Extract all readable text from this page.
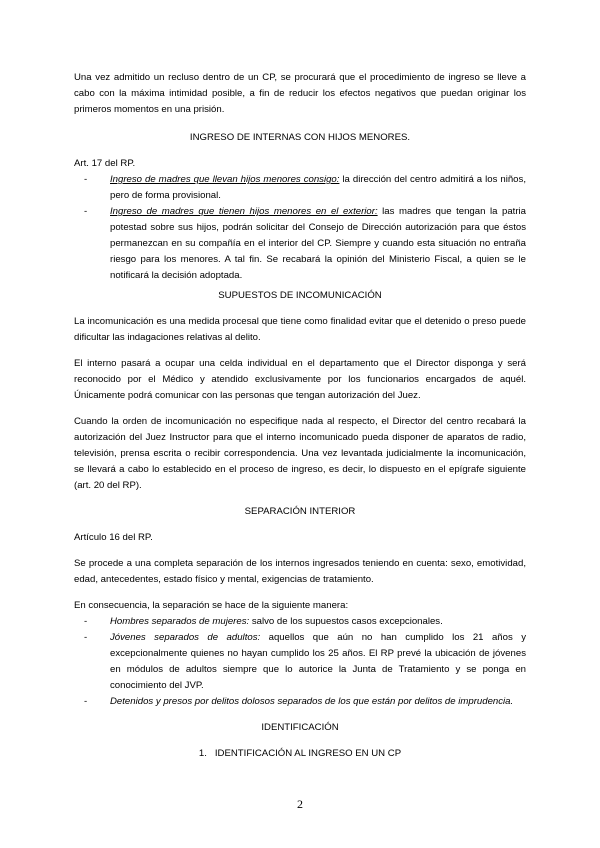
Una vez admitido un recluso dentro de un CP, se procurará que el procedimiento de ingreso se lleve a cabo con la máxima intimidad posible, a fin de reducir los efectos negativos que puedan originar los primeros momentos en una prisión.

INGRESO DE INTERNAS CON HIJOS MENORES.

Art. 17 del RP.

- Ingreso de madres que llevan hijos menores consigo: la dirección del centro admitirá a los niños, pero de forma provisional.
- Ingreso de madres que tienen hijos menores en el exterior: las madres que tengan la patria potestad sobre sus hijos, podrán solicitar del Consejo de Dirección autorización para que éstos permanezcan en su compañía en el interior del CP. Siempre y cuando esta situación no entraña riesgo para los menores. A tal fin. Se recabará la opinión del Ministerio Fiscal, a quien se le notificará la decisión adoptada.

SUPUESTOS DE INCOMUNICACIÓN

La incomunicación es una medida procesal que tiene como finalidad evitar que el detenido o preso puede dificultar las indagaciones relativas al delito.

El interno pasará a ocupar una celda individual en el departamento que el Director disponga y será reconocido por el Médico y atendido exclusivamente por los funcionarios encargados de aquél. Únicamente podrá comunicar con las personas que tengan autorización del Juez.

Cuando la orden de incomunicación no especifique nada al respecto, el Director del centro recabará la autorización del Juez Instructor para que el interno incomunicado pueda disponer de aparatos de radio, televisión, prensa escrita o recibir correspondencia. Una vez levantada judicialmente la incomunicación, se llevará a cabo lo establecido en el proceso de ingreso, es decir, lo dispuesto en el epígrafe siguiente (art. 20 del RP).

SEPARACIÓN INTERIOR

Artículo 16 del RP.

Se procede a una completa separación de los internos ingresados teniendo en cuenta: sexo, emotividad, edad, antecedentes, estado físico y mental, exigencias de tratamiento.

En consecuencia, la separación se hace de la siguiente manera:

- Hombres separados de mujeres: salvo de los supuestos casos excepcionales.
- Jóvenes separados de adultos: aquellos que aún no han cumplido los 21 años y excepcionalmente quienes no hayan cumplido los 25 años. El RP prevé la ubicación de jóvenes en módulos de adultos siempre que lo autorice la Junta de Tratamiento y se ponga en conocimiento del JVP.
- Detenidos y presos por delitos dolosos separados de los que están por delitos de imprudencia.

IDENTIFICACIÓN

1. IDENTIFICACIÓN AL INGRESO EN UN CP

2
